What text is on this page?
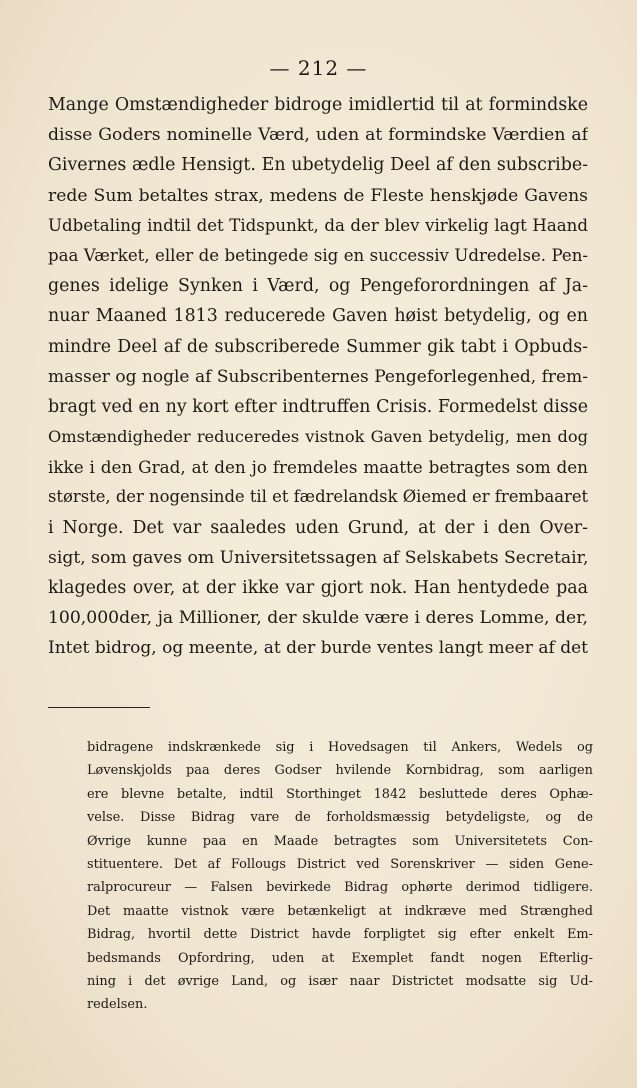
— 212 —
Mange Omstændigheder bidroge imidlertid til at formindske
disse Goders nominelle Værd, uden at formindske Værdien af
Givernes ædle Hensigt. En ubetydelig Deel af den subscribe-
rede Sum betaltes strax, medens de Fleste henskjøde Gavens
Udbetaling indtil det Tidspunkt, da der blev virkelig lagt Haand
paa Værket, eller de betingede sig en successiv Udredelse. Pen-
genes idelige Synken i Værd, og Pengeforordningen af Ja-
nuar Maaned 1813 reducerede Gaven høist betydelig, og en
mindre Deel af de subscriberede Summer gik tabt i Opbuds-
masser og nogle af Subscribenternes Pengeforlegenhed, frem-
bragt ved en ny kort efter indtruffen Crisis. Formedelst disse
Omstændigheder reduceredes vistnok Gaven betydelig, men dog
ikke i den Grad, at den jo fremdeles maatte betragtes som den
største, der nogensinde til et fædrelandsk Øiemed er frembaaret
i Norge. Det var saaledes uden Grund, at der i den Over-
sigt, som gaves om Universitetssagen af Selskabets Secretair,
klagedes over, at der ikke var gjort nok. Han hentydede paa
100,000der, ja Millioner, der skulde være i deres Lomme, der,
Intet bidrog, og meente, at der burde ventes langt meer af det
bidragene indskrænkede sig i Hovedsagen til Ankers, Wedels og
Løvenskjolds paa deres Godser hvilende Kornbidrag, som aarligen
ere blevne betalte, indtil Storthinget 1842 besluttede deres Ophæ-
velse. Disse Bidrag vare de forholdsmæssig betydeligste, og de
Øvrige kunne paa en Maade betragtes som Universitetets Con-
stituentere. Det af Follougs District ved Sorenskriver — siden Gene-
ralprocureur — Falsen bevirkede Bidrag ophørte derimod tidligere.
Det maatte vistnok være betænkeligt at indkræve med Strænghed
Bidrag, hvortil dette District havde forpligtet sig efter enkelt Em-
bedsmands Opfordring, uden at Exemplet fandt nogen Efterlig-
ning i det øvrige Land, og især naar Districtet modsatte sig Ud-
redelsen.
